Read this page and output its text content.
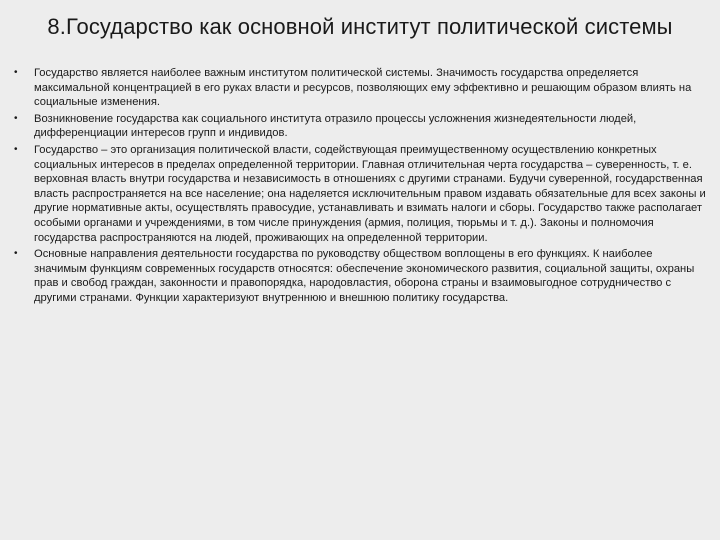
8.Государство как основной институт политической системы
•	Государство является наиболее важным институтом политической системы. Значимость государства определяется максимальной концентрацией в его руках власти и ресурсов, позволяющих ему эффективно и решающим образом влиять на социальные изменения.
•	Возникновение государства как социального института отразило процессы усложнения жизнедеятельности людей, дифференциации интересов групп и индивидов.
•	Государство – это организация политической власти, содействующая преимущественному осуществлению конкретных социальных интересов в пределах определенной территории. Главная отличительная черта государства – суверенность, т. е. верховная власть внутри государства и независимость в отношениях с другими странами. Будучи суверенной, государственная власть распространяется на все население; она наделяется исключительным правом издавать обязательные для всех законы и другие нормативные акты, осуществлять правосудие, устанавливать и взимать налоги и сборы. Государство также располагает особыми органами и учреждениями, в том числе принуждения (армия, полиция, тюрьмы и т. д.). Законы и полномочия государства распространяются на людей, проживающих на определенной территории.
•	Основные направления деятельности государства по руководству обществом воплощены в его функциях. К наиболее значимым функциям современных государств относятся: обеспечение экономического развития, социальной защиты, охраны прав и свобод граждан, законности и правопорядка, народовластия, оборона страны и взаимовыгодное сотрудничество с другими странами. Функции характеризуют внутреннюю и внешнюю политику государства.
